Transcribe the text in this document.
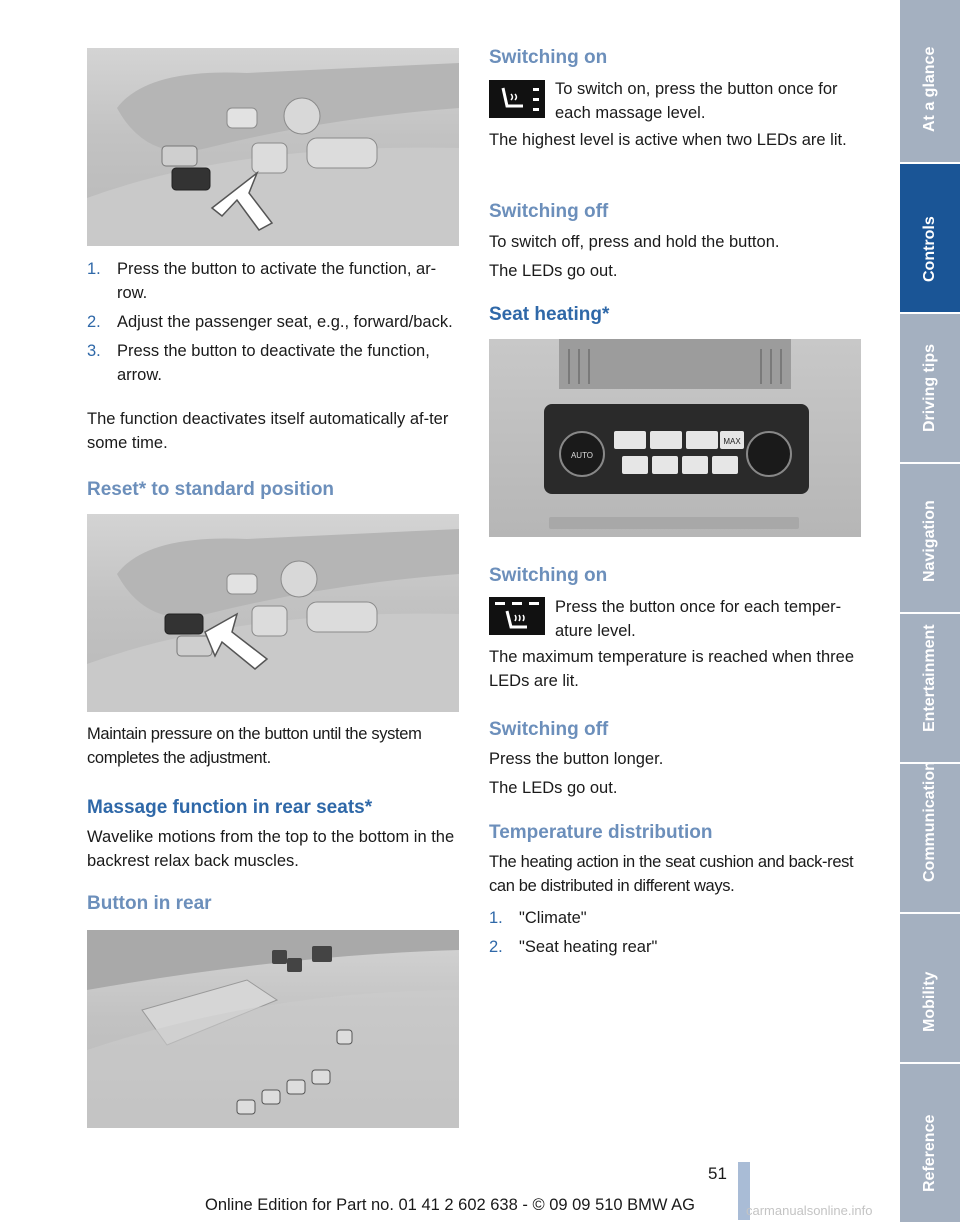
1. Press the button to activate the function, ar-row.
2. Adjust the passenger seat, e.g., forward/back.
3. Press the button to deactivate the function, arrow.
The function deactivates itself automatically af-ter some time.
Reset* to standard position
Maintain pressure on the button until the system completes the adjustment.
Massage function in rear seats*
Wavelike motions from the top to the bottom in the backrest relax back muscles.
Button in rear
Switching on
To switch on, press the button once for each massage level.
The highest level is active when two LEDs are lit.
Switching off
To switch off, press and hold the button.
The LEDs go out.
Seat heating*
AUTO
MAX
Switching on
Press the button once for each temper-ature level.
The maximum temperature is reached when three LEDs are lit.
Switching off
Press the button longer.
The LEDs go out.
Temperature distribution
The heating action in the seat cushion and back-rest can be distributed in different ways.
1. "Climate"
2. "Seat heating rear"
51
Online Edition for Part no. 01 41 2 602 638 - © 09 09 510 BMW AG	carmanualsonline.info
At a glance
Controls
Driving tips
Navigation
Entertainment
Communication
Mobility
Reference
